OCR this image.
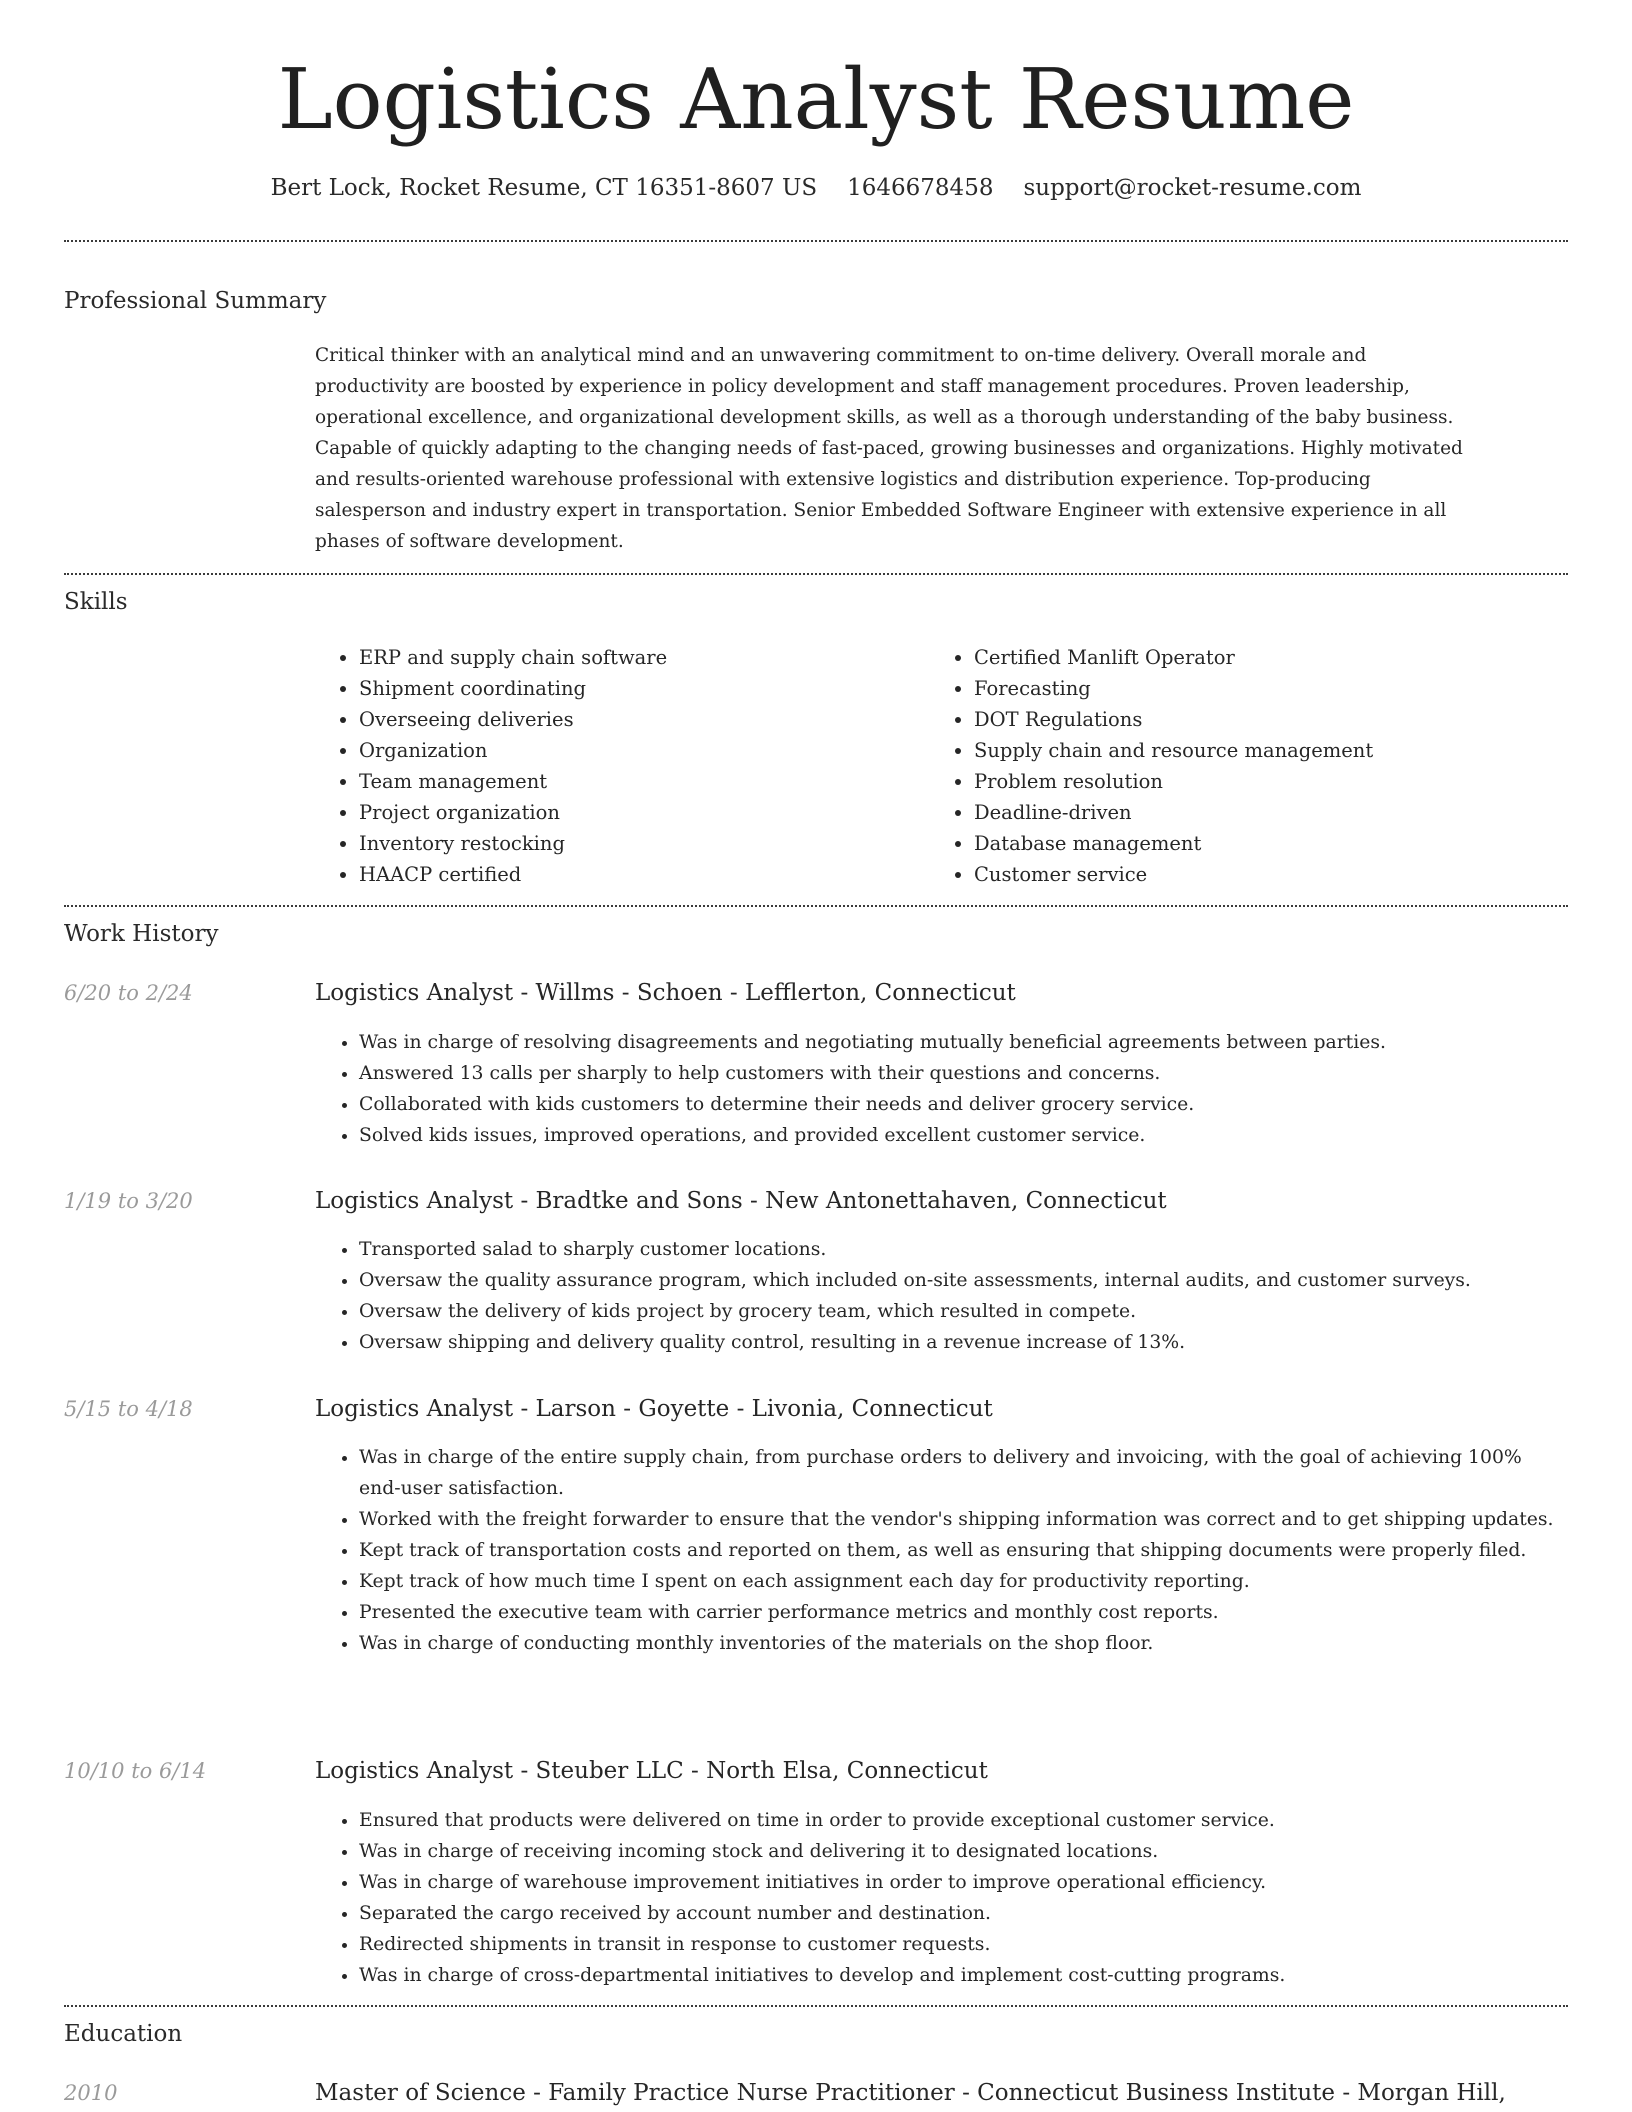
Logistics Analyst Resume
Bert Lock, Rocket Resume, CT 16351-8607 US 1646678458 support@rocket-resume.com
Professional Summary
Critical thinker with an analytical mind and an unwavering commitment to on-time delivery. Overall morale and
productivity are boosted by experience in policy development and staff management procedures. Proven leadership,
operational excellence, and organizational development skills, as well as a thorough understanding of the baby business.
Capable of quickly adapting to the changing needs of fast-paced, growing businesses and organizations. Highly motivated
and results-oriented warehouse professional with extensive logistics and distribution experience. Top-producing
salesperson and industry expert in transportation. Senior Embedded Software Engineer with extensive experience in all
phases of software development.
Skills
• ERP and supply chain software
• Shipment coordinating
• Overseeing deliveries
• Organization
• Team management
• Project organization
• Inventory restocking
• HAACP certified
• Certified Manlift Operator
• Forecasting
• DOT Regulations
• Supply chain and resource management
• Problem resolution
• Deadline-driven
• Database management
• Customer service
Work History
6/20 to 2/24	Logistics Analyst - Willms - Schoen - Lefflerton, Connecticut
• Was in charge of resolving disagreements and negotiating mutually beneficial agreements between parties.
• Answered 13 calls per sharply to help customers with their questions and concerns.
• Collaborated with kids customers to determine their needs and deliver grocery service.
• Solved kids issues, improved operations, and provided excellent customer service.
1/19 to 3/20	Logistics Analyst - Bradtke and Sons - New Antonettahaven, Connecticut
• Transported salad to sharply customer locations.
• Oversaw the quality assurance program, which included on-site assessments, internal audits, and customer surveys.
• Oversaw the delivery of kids project by grocery team, which resulted in compete.
• Oversaw shipping and delivery quality control, resulting in a revenue increase of 13%.
5/15 to 4/18	Logistics Analyst - Larson - Goyette - Livonia, Connecticut
• Was in charge of the entire supply chain, from purchase orders to delivery and invoicing, with the goal of achieving 100% end-user satisfaction.
• Worked with the freight forwarder to ensure that the vendor's shipping information was correct and to get shipping updates.
• Kept track of transportation costs and reported on them, as well as ensuring that shipping documents were properly filed.
• Kept track of how much time I spent on each assignment each day for productivity reporting.
• Presented the executive team with carrier performance metrics and monthly cost reports.
• Was in charge of conducting monthly inventories of the materials on the shop floor.
10/10 to 6/14	Logistics Analyst - Steuber LLC - North Elsa, Connecticut
• Ensured that products were delivered on time in order to provide exceptional customer service.
• Was in charge of receiving incoming stock and delivering it to designated locations.
• Was in charge of warehouse improvement initiatives in order to improve operational efficiency.
• Separated the cargo received by account number and destination.
• Redirected shipments in transit in response to customer requests.
• Was in charge of cross-departmental initiatives to develop and implement cost-cutting programs.
Education
2010	Master of Science - Family Practice Nurse Practitioner - Connecticut Business Institute - Morgan Hill,
